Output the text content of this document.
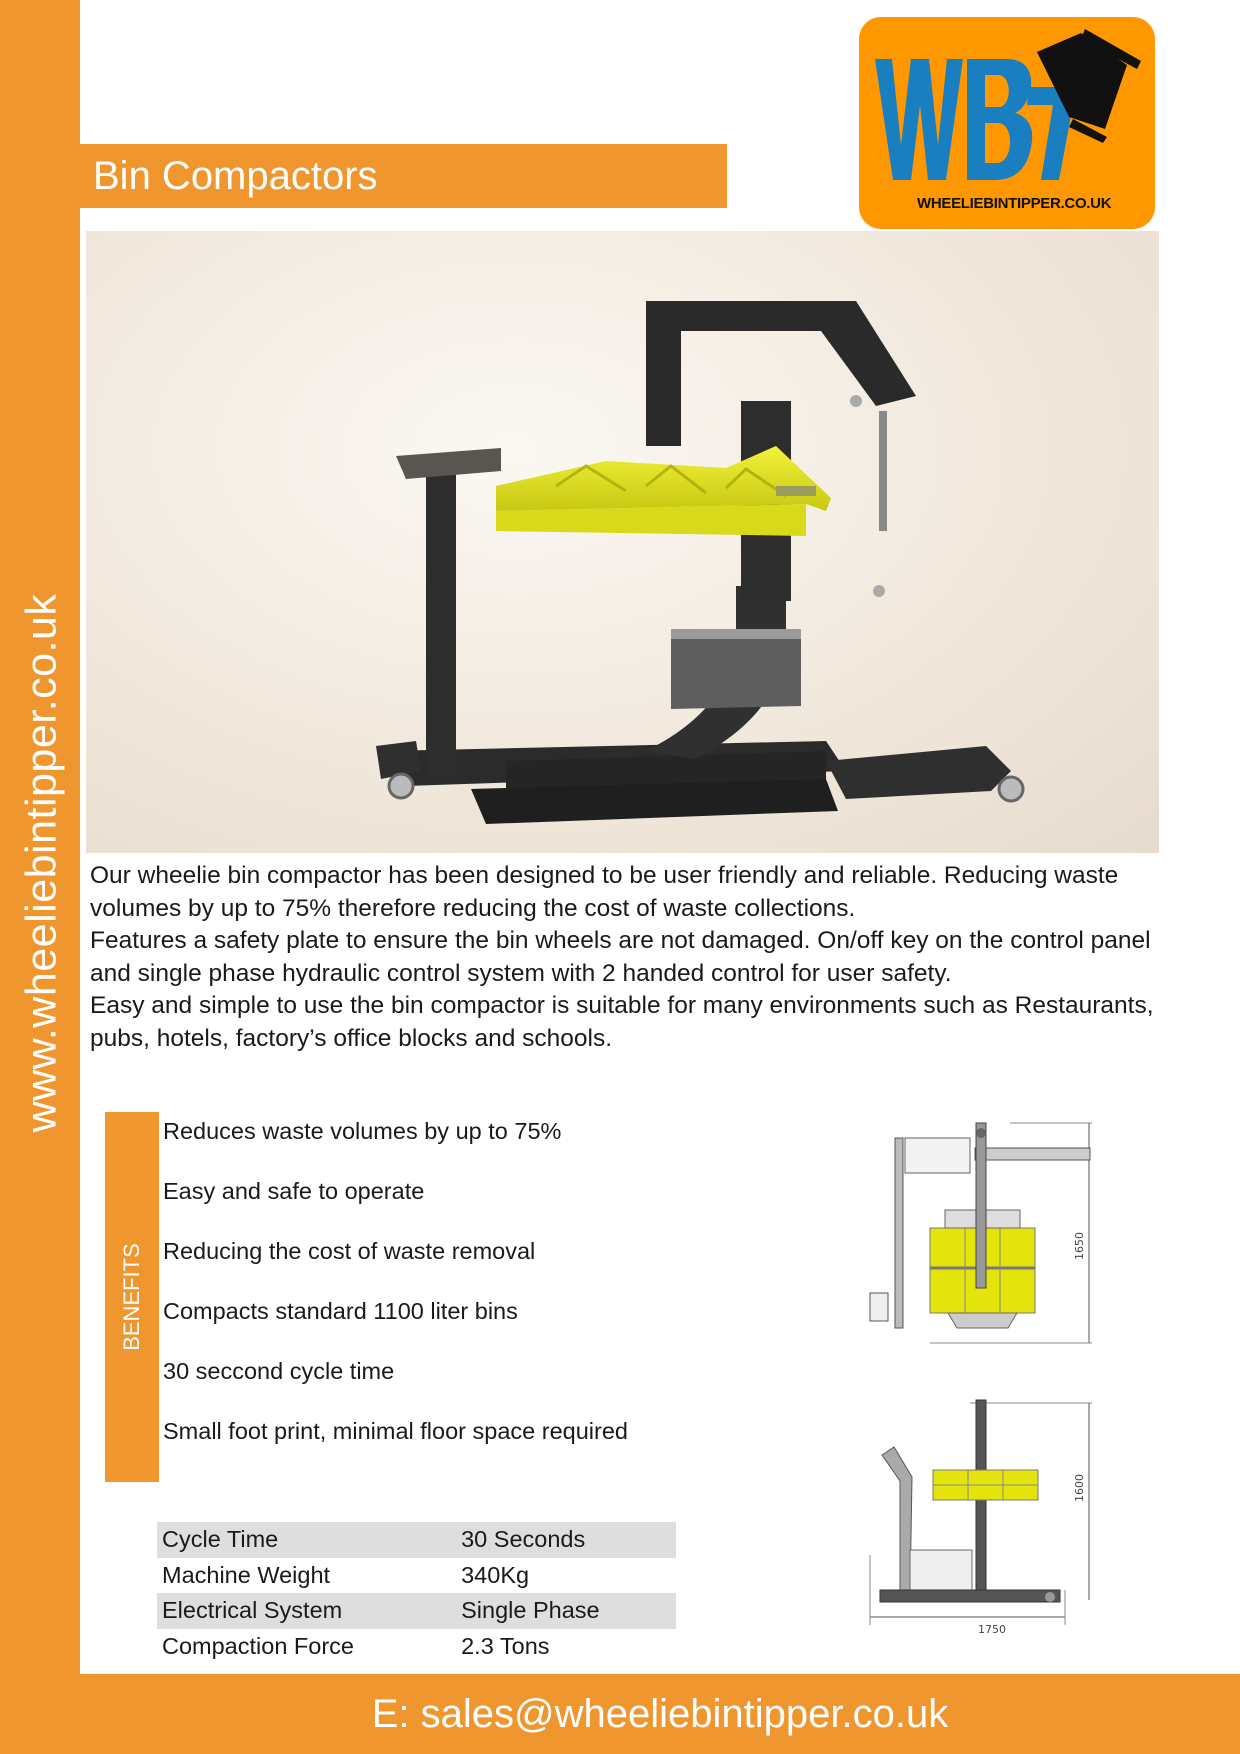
www.wheeliebintipper.co.uk
WHEELIEBINTIPPER.CO.UK
Bin Compactors

Our wheelie bin compactor has been designed to be user friendly and reliable. Reducing waste volumes by up to 75% therefore reducing the cost of waste collections.

Features a safety plate to ensure the bin wheels are not damaged. On/off key on the control panel and single phase hydraulic control system with 2 handed control for user safety.

Easy and simple to use the bin compactor is suitable for many environments such as Restaurants, pubs, hotels, factory’s office blocks and schools.

BENEFITS
Reduces waste volumes by up to 75%
Easy and safe to operate
Reducing the cost of waste removal
Compacts standard 1100 liter bins
30 seccond cycle time
Small foot print, minimal floor space required
Cycle Time	30 Seconds
Machine Weight	340Kg
Electrical System	Single Phase
Compaction Force	2.3 Tons
1650
1600
1750
E: sales@wheeliebintipper.co.uk
